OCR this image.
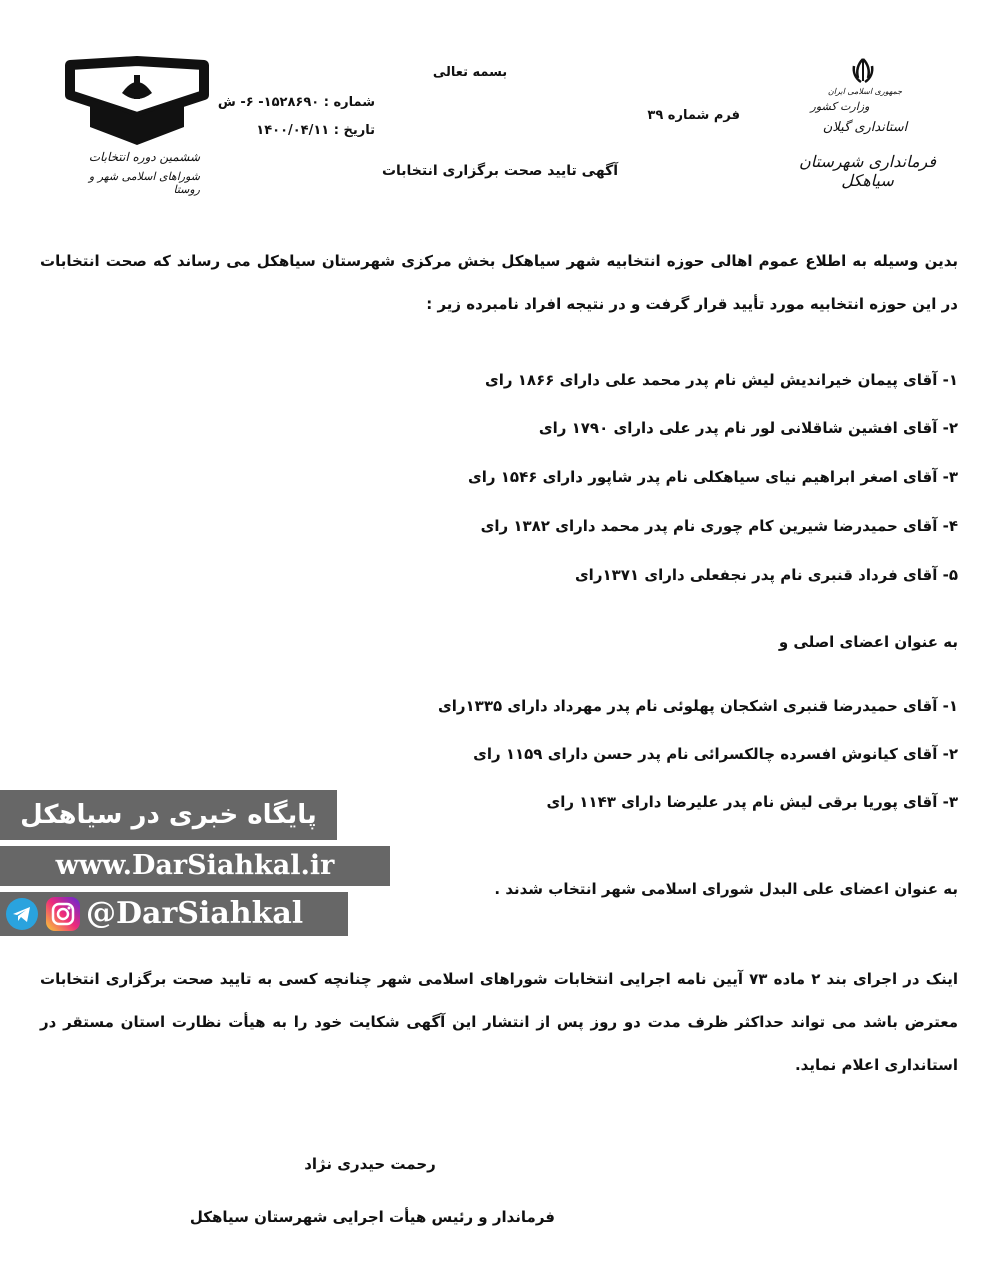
ششمین دوره انتخابات
شوراهای اسلامی شهر و روستا
شماره : ۱۵۲۸۶۹۰- ۶- ش
تاریخ : ۱۴۰۰/۰۴/۱۱
بسمه تعالی
فرم شماره ۳۹
آگهی تایید صحت برگزاری انتخابات
جمهوری اسلامی ایران
وزارت کشور
استانداری گیلان
فرمانداری شهرستان سیاهکل
بدین وسیله به اطلاع عموم اهالی حوزه انتخابیه شهر سیاهکل بخش مرکزی شهرستان سیاهکل می رساند که صحت انتخابات در این حوزه انتخابیه مورد تأیید قرار گرفت و در نتیجه افراد نامبرده زیر :
۱- آقای پیمان خیراندیش لیش نام پدر محمد علی دارای ۱۸۶۶ رای
۲- آقای افشین شاقلانی لور نام پدر علی دارای ۱۷۹۰ رای
۳- آقای اصغر ابراهیم نیای سیاهکلی نام پدر شاپور دارای ۱۵۴۶ رای
۴- آقای حمیدرضا شیرین کام چوری نام پدر محمد دارای ۱۳۸۲ رای
۵- آقای فرداد قنبری نام پدر نجفعلی دارای ۱۳۷۱رای
به عنوان اعضای اصلی و
۱- آقای حمیدرضا قنبری اشکجان پهلوئی نام پدر مهرداد دارای ۱۳۳۵رای
۲- آقای کیانوش افسرده چالکسرائی نام پدر حسن دارای ۱۱۵۹ رای
۳- آقای پوریا برقی لیش نام پدر علیرضا دارای ۱۱۴۳ رای
به عنوان اعضای علی البدل شورای اسلامی شهر انتخاب شدند .
اینک در اجرای بند ۲ ماده ۷۳ آیین نامه اجرایی انتخابات شوراهای اسلامی شهر چنانچه کسی به تایید صحت برگزاری انتخابات معترض باشد می تواند حداکثر ظرف مدت دو روز پس از انتشار این آگهی شکایت خود را به هیأت نظارت استان مستقر در استانداری اعلام نماید.
رحمت حیدری نژاد
فرماندار و رئیس هیأت اجرایی شهرستان سیاهکل
پایگاه خبری در سیاهکل
www.DarSiahkal.ir
@DarSiahkal
